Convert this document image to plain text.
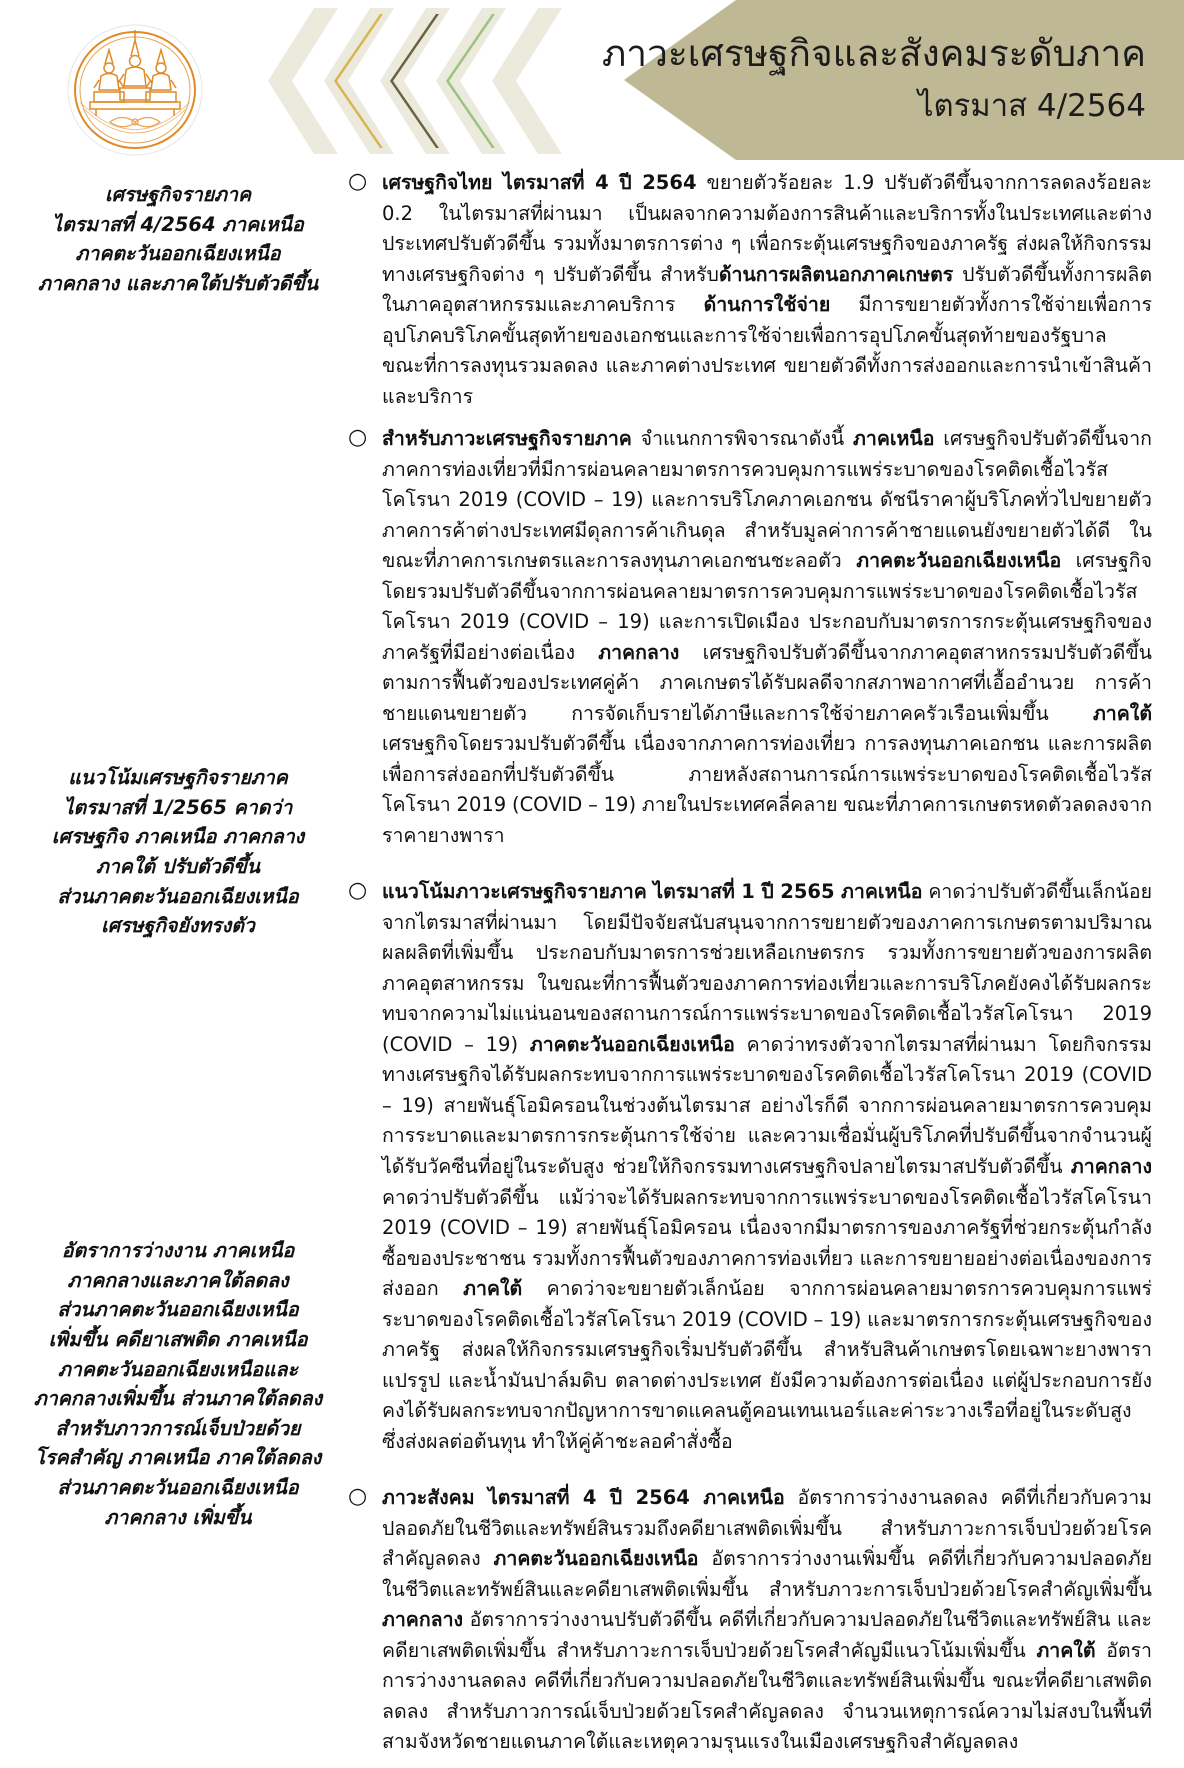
ภาวะเศรษฐกิจและสังคมระดับภาค
ไตรมาส 4/2564
เศรษฐกิจรายภาค
ไตรมาสที่ 4/2564 ภาคเหนือ
ภาคตะวันออกเฉียงเหนือ
ภาคกลาง และภาคใต้ปรับตัวดีขึ้น
แนวโน้มเศรษฐกิจรายภาค
ไตรมาสที่ 1/2565 คาดว่า
เศรษฐกิจ ภาคเหนือ ภาคกลาง
ภาคใต้ ปรับตัวดีขึ้น
ส่วนภาคตะวันออกเฉียงเหนือ
เศรษฐกิจยังทรงตัว
อัตราการว่างงาน ภาคเหนือ
ภาคกลางและภาคใต้ลดลง
ส่วนภาคตะวันออกเฉียงเหนือ
เพิ่มขึ้น คดียาเสพติด ภาคเหนือ
ภาคตะวันออกเฉียงเหนือและ
ภาคกลางเพิ่มขึ้น ส่วนภาคใต้ลดลง
สำหรับภาวการณ์เจ็บป่วยด้วย
โรคสำคัญ ภาคเหนือ ภาคใต้ลดลง
ส่วนภาคตะวันออกเฉียงเหนือ
ภาคกลาง เพิ่มขึ้น
○ เศรษฐกิจไทย ไตรมาสที่ 4 ปี 2564 ขยายตัวร้อยละ 1.9 ปรับตัวดีขึ้นจากการลดลงร้อยละ 0.2 ในไตรมาสที่ผ่านมา เป็นผลจากความต้องการสินค้าและบริการทั้งในประเทศและต่างประเทศปรับตัวดีขึ้น รวมทั้งมาตรการต่าง ๆ เพื่อกระตุ้นเศรษฐกิจของภาครัฐ ส่งผลให้กิจกรรมทางเศรษฐกิจต่าง ๆ ปรับตัวดีขึ้น สำหรับด้านการผลิตนอกภาคเกษตร ปรับตัวดีขึ้นทั้งการผลิตในภาคอุตสาหกรรมและภาคบริการ ด้านการใช้จ่าย มีการขยายตัวทั้งการใช้จ่ายเพื่อการอุปโภคบริโภคขั้นสุดท้ายของเอกชนและการใช้จ่ายเพื่อการอุปโภคขั้นสุดท้ายของรัฐบาล ขณะที่การลงทุนรวมลดลง และภาคต่างประเทศ ขยายตัวดีทั้งการส่งออกและการนำเข้าสินค้าและบริการ
○ สำหรับภาวะเศรษฐกิจรายภาค จำแนกการพิจารณาดังนี้ ภาคเหนือ เศรษฐกิจปรับตัวดีขึ้นจากภาคการท่องเที่ยวที่มีการผ่อนคลายมาตรการควบคุมการแพร่ระบาดของโรคติดเชื้อไวรัสโคโรนา 2019 (COVID – 19) และการบริโภคภาคเอกชน ดัชนีราคาผู้บริโภคทั่วไปขยายตัว ภาคการค้าต่างประเทศมีดุลการค้าเกินดุล สำหรับมูลค่าการค้าชายแดนยังขยายตัวได้ดี ในขณะที่ภาคการเกษตรและการลงทุนภาคเอกชนชะลอตัว ภาคตะวันออกเฉียงเหนือ เศรษฐกิจโดยรวมปรับตัวดีขึ้นจากการผ่อนคลายมาตรการควบคุมการแพร่ระบาดของโรคติดเชื้อไวรัสโคโรนา 2019 (COVID – 19) และการเปิดเมือง ประกอบกับมาตรการกระตุ้นเศรษฐกิจของภาครัฐที่มีอย่างต่อเนื่อง ภาคกลาง เศรษฐกิจปรับตัวดีขึ้นจากภาคอุตสาหกรรมปรับตัวดีขึ้นตามการฟื้นตัวของประเทศคู่ค้า ภาคเกษตรได้รับผลดีจากสภาพอากาศที่เอื้ออำนวย การค้าชายแดนขยายตัว การจัดเก็บรายได้ภาษีและการใช้จ่ายภาคครัวเรือนเพิ่มขึ้น ภาคใต้ เศรษฐกิจโดยรวมปรับตัวดีขึ้น เนื่องจากภาคการท่องเที่ยว การลงทุนภาคเอกชน และการผลิตเพื่อการส่งออกที่ปรับตัวดีขึ้น ภายหลังสถานการณ์การแพร่ระบาดของโรคติดเชื้อไวรัสโคโรนา 2019 (COVID – 19) ภายในประเทศคลี่คลาย ขณะที่ภาคการเกษตรหดตัวลดลงจากราคายางพารา
○ แนวโน้มภาวะเศรษฐกิจรายภาค ไตรมาสที่ 1 ปี 2565 ภาคเหนือ คาดว่าปรับตัวดีขึ้นเล็กน้อยจากไตรมาสที่ผ่านมา โดยมีปัจจัยสนับสนุนจากการขยายตัวของภาคการเกษตรตามปริมาณผลผลิตที่เพิ่มขึ้น ประกอบกับมาตรการช่วยเหลือเกษตรกร รวมทั้งการขยายตัวของการผลิตภาคอุตสาหกรรม ในขณะที่การฟื้นตัวของภาคการท่องเที่ยวและการบริโภคยังคงได้รับผลกระทบจากความไม่แน่นอนของสถานการณ์การแพร่ระบาดของโรคติดเชื้อไวรัสโคโรนา 2019 (COVID – 19) ภาคตะวันออกเฉียงเหนือ คาดว่าทรงตัวจากไตรมาสที่ผ่านมา โดยกิจกรรมทางเศรษฐกิจได้รับผลกระทบจากการแพร่ระบาดของโรคติดเชื้อไวรัสโคโรนา 2019 (COVID – 19) สายพันธุ์โอมิครอนในช่วงต้นไตรมาส อย่างไรก็ดี จากการผ่อนคลายมาตรการควบคุมการระบาดและมาตรการกระตุ้นการใช้จ่าย และความเชื่อมั่นผู้บริโภคที่ปรับดีขึ้นจากจำนวนผู้ได้รับวัคซีนที่อยู่ในระดับสูง ช่วยให้กิจกรรมทางเศรษฐกิจปลายไตรมาสปรับตัวดีขึ้น ภาคกลาง คาดว่าปรับตัวดีขึ้น แม้ว่าจะได้รับผลกระทบจากการแพร่ระบาดของโรคติดเชื้อไวรัสโคโรนา 2019 (COVID – 19) สายพันธุ์โอมิครอน เนื่องจากมีมาตรการของภาครัฐที่ช่วยกระตุ้นกำลังซื้อของประชาชน รวมทั้งการฟื้นตัวของภาคการท่องเที่ยว และการขยายอย่างต่อเนื่องของการส่งออก ภาคใต้ คาดว่าจะขยายตัวเล็กน้อย จากการผ่อนคลายมาตรการควบคุมการแพร่ระบาดของโรคติดเชื้อไวรัสโคโรนา 2019 (COVID – 19) และมาตรการกระตุ้นเศรษฐกิจของภาครัฐ ส่งผลให้กิจกรรมเศรษฐกิจเริ่มปรับตัวดีขึ้น สำหรับสินค้าเกษตรโดยเฉพาะยางพาราแปรรูป และน้ำมันปาล์มดิบ ตลาดต่างประเทศ ยังมีความต้องการต่อเนื่อง แต่ผู้ประกอบการยังคงได้รับผลกระทบจากปัญหาการขาดแคลนตู้คอนเทนเนอร์และค่าระวางเรือที่อยู่ในระดับสูง ซึ่งส่งผลต่อต้นทุน ทำให้คู่ค้าชะลอคำสั่งซื้อ
○ ภาวะสังคม ไตรมาสที่ 4 ปี 2564 ภาคเหนือ อัตราการว่างงานลดลง คดีที่เกี่ยวกับความปลอดภัยในชีวิตและทรัพย์สินรวมถึงคดียาเสพติดเพิ่มขึ้น สำหรับภาวะการเจ็บป่วยด้วยโรคสำคัญลดลง ภาคตะวันออกเฉียงเหนือ อัตราการว่างงานเพิ่มขึ้น คดีที่เกี่ยวกับความปลอดภัยในชีวิตและทรัพย์สินและคดียาเสพติดเพิ่มขึ้น สำหรับภาวะการเจ็บป่วยด้วยโรคสำคัญเพิ่มขึ้น ภาคกลาง อัตราการว่างงานปรับตัวดีขึ้น คดีที่เกี่ยวกับความปลอดภัยในชีวิตและทรัพย์สิน และคดียาเสพติดเพิ่มขึ้น สำหรับภาวะการเจ็บป่วยด้วยโรคสำคัญมีแนวโน้มเพิ่มขึ้น ภาคใต้ อัตราการว่างงานลดลง คดีที่เกี่ยวกับความปลอดภัยในชีวิตและทรัพย์สินเพิ่มขึ้น ขณะที่คดียาเสพติดลดลง สำหรับภาวการณ์เจ็บป่วยด้วยโรคสำคัญลดลง จำนวนเหตุการณ์ความไม่สงบในพื้นที่สามจังหวัดชายแดนภาคใต้และเหตุความรุนแรงในเมืองเศรษฐกิจสำคัญลดลง
